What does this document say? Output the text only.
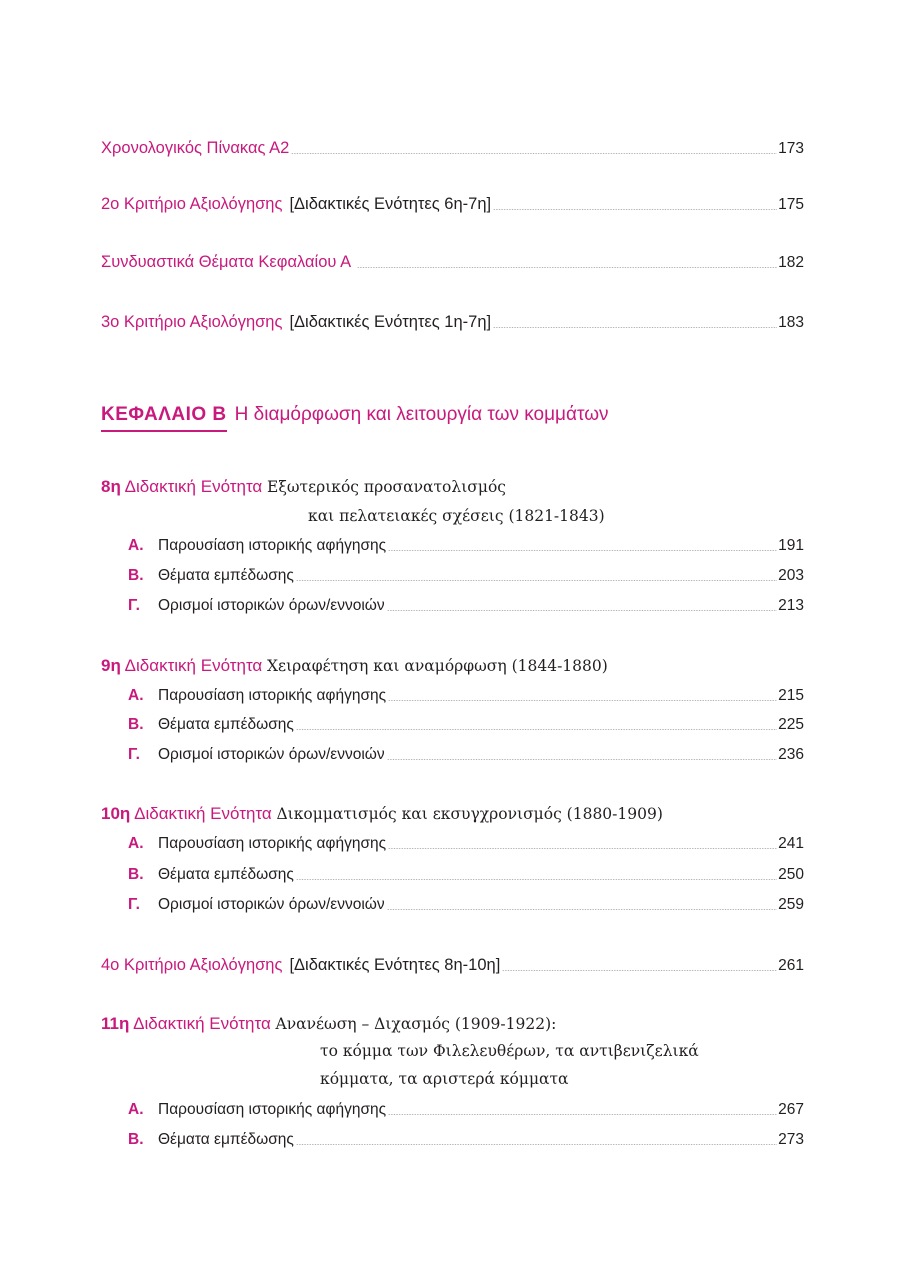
Χρονολογικός Πίνακας Α2	173
2ο Κριτήριο Αξιολόγησης [Διδακτικές Ενότητες 6η-7η]	175
Συνδυαστικά Θέματα Κεφαλαίου Α	182
3ο Κριτήριο Αξιολόγησης [Διδακτικές Ενότητες 1η-7η]	183
ΚΕΦΑΛΑΙΟ Β Η διαμόρφωση και λειτουργία των κομμάτων
8η Διδακτική Ενότητα Εξωτερικός προσανατολισμός
και πελατειακές σχέσεις (1821-1843)
Α. Παρουσίαση ιστορικής αφήγησης	191
Β. Θέματα εμπέδωσης	203
Γ.	Ορισμοί ιστορικών όρων/εννοιών	213
9η Διδακτική Ενότητα Χειραφέτηση και αναμόρφωση (1844-1880)
Α. Παρουσίαση ιστορικής αφήγησης	215
Β. Θέματα εμπέδωσης	225
Γ.	Ορισμοί ιστορικών όρων/εννοιών	236
10η Διδακτική Ενότητα Δικομματισμός και εκσυγχρονισμός (1880-1909)
Α. Παρουσίαση ιστορικής αφήγησης	241
Β. Θέματα εμπέδωσης	250
Γ.	Ορισμοί ιστορικών όρων/εννοιών	259
4ο Κριτήριο Αξιολόγησης [Διδακτικές Ενότητες 8η-10η]	261
11η Διδακτική Ενότητα Ανανέωση – Διχασμός (1909-1922):
το κόμμα των Φιλελευθέρων, τα αντιβενιζελικά
κόμματα, τα αριστερά κόμματα
Α. Παρουσίαση ιστορικής αφήγησης	267
Β. Θέματα εμπέδωσης	273
